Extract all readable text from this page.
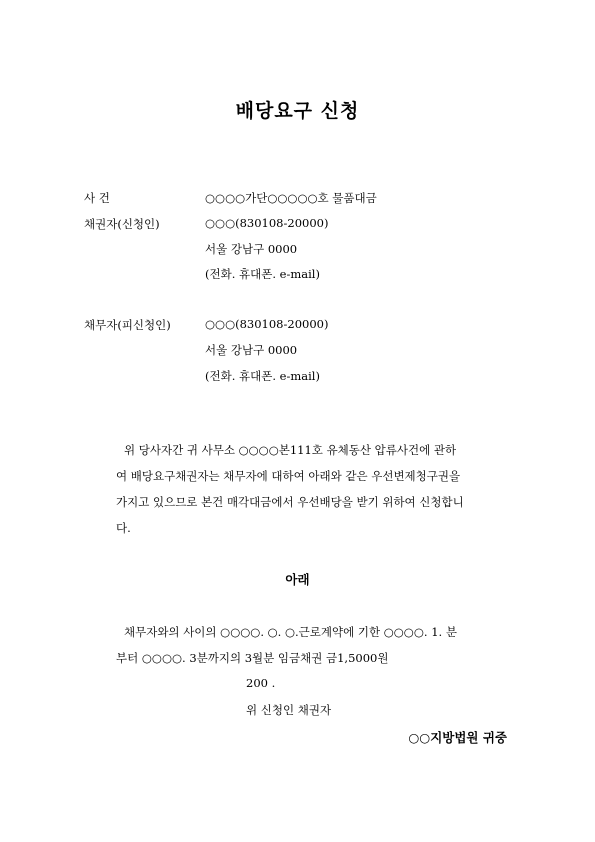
배당요구 신청
사 건	○○○○가단○○○○○호 물품대금
채권자(신청인)	○○○(830108-20000)
서울 강남구 0000
(전화. 휴대폰. e-mail)
채무자(피신청인)	○○○(830108-20000)
서울 강남구 0000
(전화. 휴대폰. e-mail)
위 당사자간 귀 사무소 ○○○○본111호 유체동산 압류사건에 관하
여 배당요구채권자는 채무자에 대하여 아래와 같은 우선변제청구권을
가지고 있으므로 본건 매각대금에서 우선배당을 받기 위하여 신청합니
다.
아래
채무자와의 사이의 ○○○○. ○. ○.근로계약에 기한 ○○○○. 1. 분
부터 ○○○○. 3분까지의 3월분 임금채권 금1,5000원
200 .
위 신청인 채권자
○○지방법원 귀중
